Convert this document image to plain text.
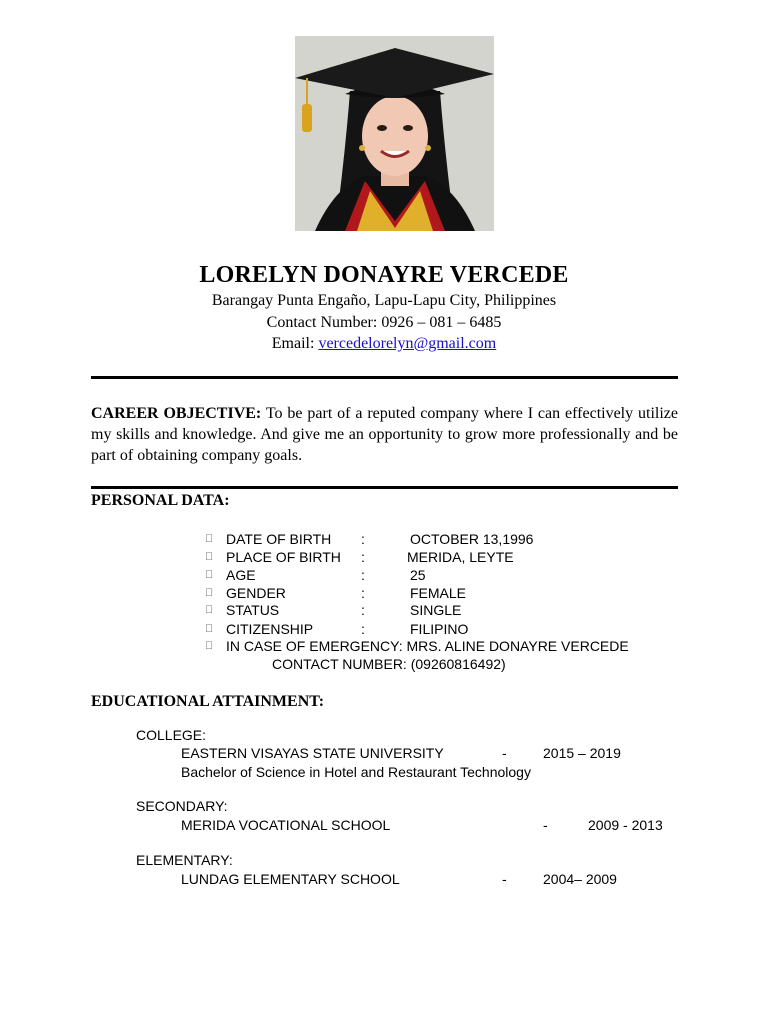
LORELYN DONAYRE VERCEDE
Barangay Punta Engaño, Lapu-Lapu City, Philippines
Contact Number: 0926 – 081 – 6485
Email: vercedelorelyn@gmail.com
CAREER OBJECTIVE: To be part of a reputed company where I can effectively utilize my skills and knowledge. And give me an opportunity to grow more professionally and be part of obtaining company goals.
PERSONAL DATA:
DATE OF BIRTH :	OCTOBER 13,1996
PLACE OF BIRTH :	MERIDA, LEYTE
AGE	:	25
GENDER	:	FEMALE
STATUS	:	SINGLE
CITIZENSHIP	:	FILIPINO
IN CASE OF EMERGENCY: MRS. ALINE DONAYRE VERCEDE
CONTACT NUMBER: (09260816492)
EDUCATIONAL ATTAINMENT:
COLLEGE:
EASTERN VISAYAS STATE UNIVERSITY	-	2015 – 2019
Bachelor of Science in Hotel and Restaurant Technology
SECONDARY:
MERIDA VOCATIONAL SCHOOL	-	2009 - 2013
ELEMENTARY:
LUNDAG ELEMENTARY SCHOOL	-	2004– 2009
